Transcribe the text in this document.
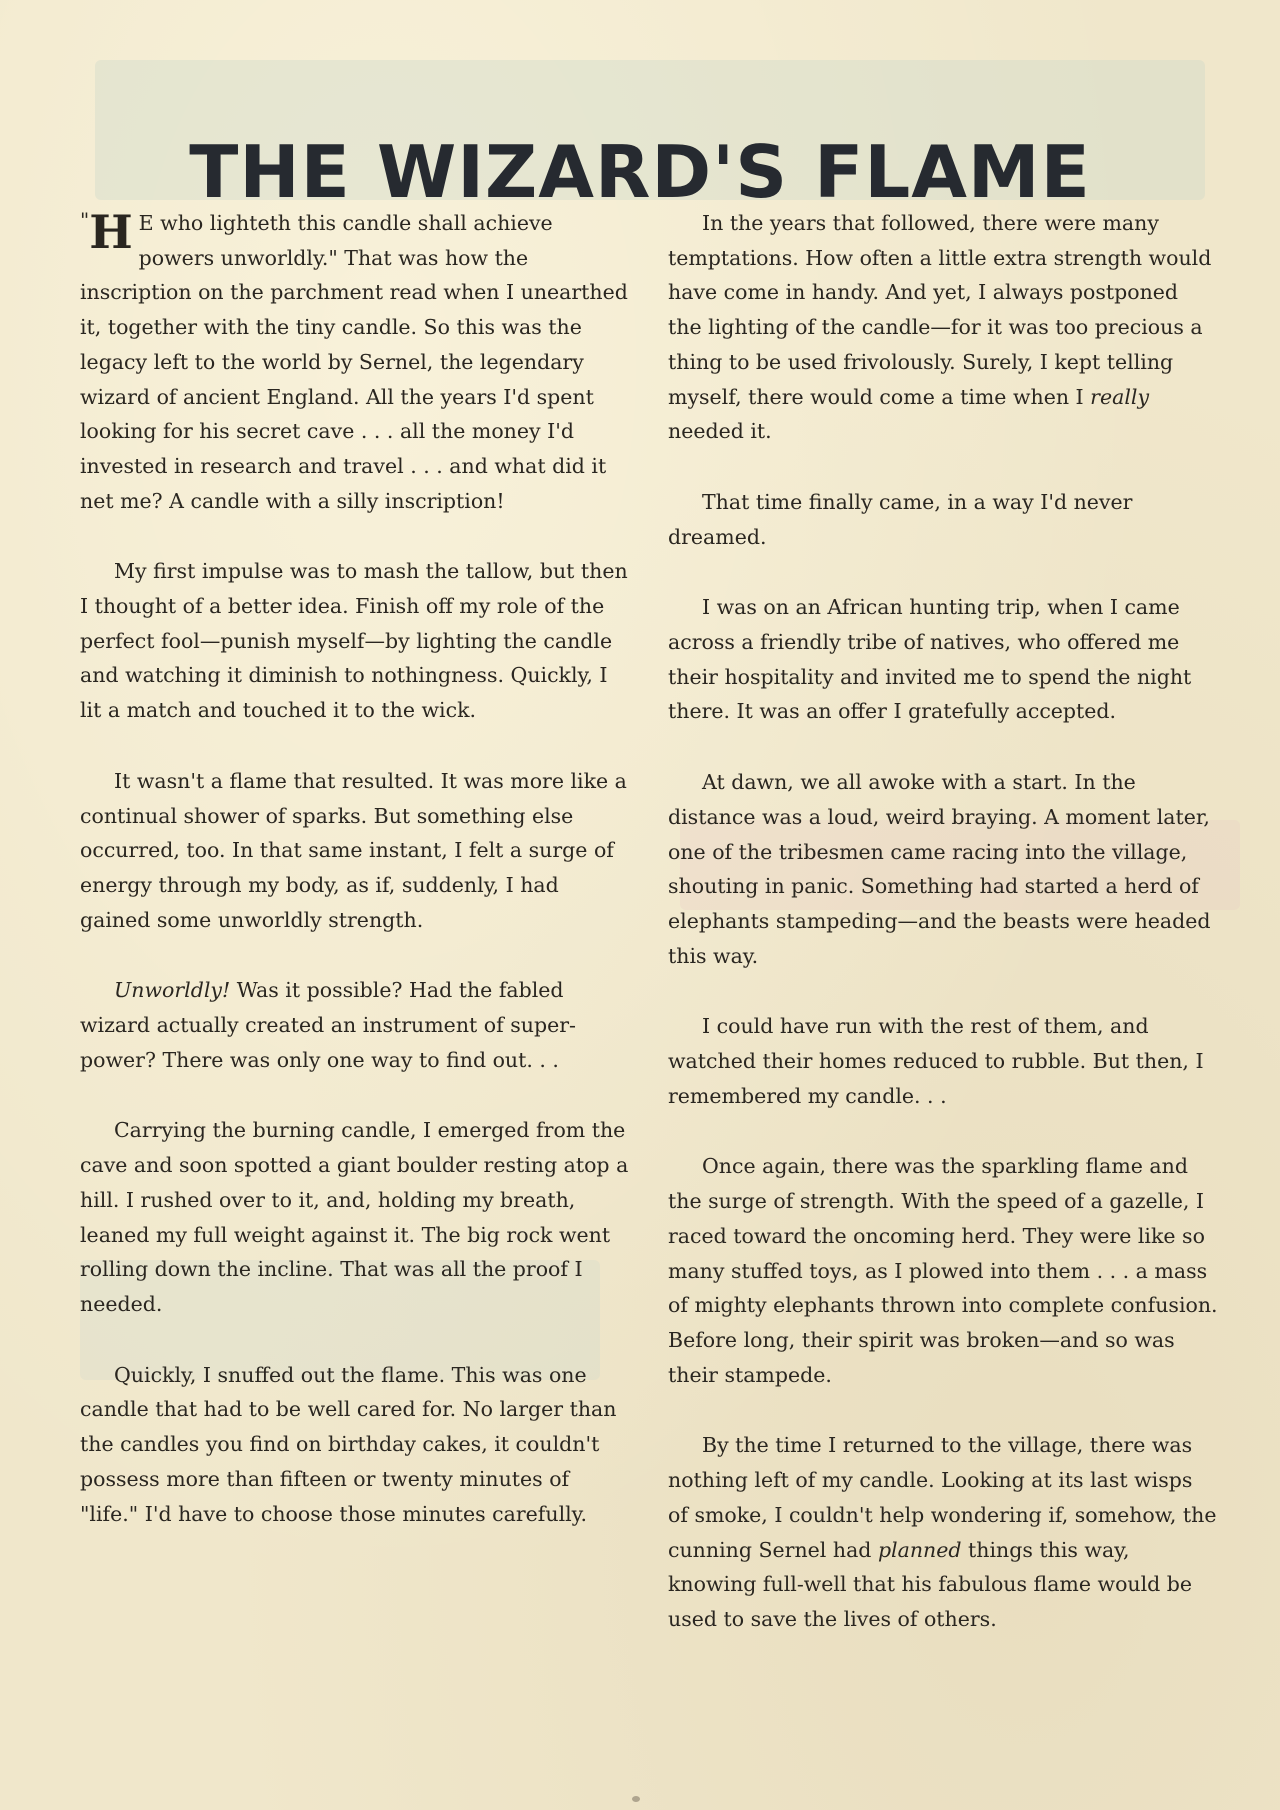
THE WIZARD'S FLAME

" H E who lighteth this candle shall achieve powers unworldly." That was how the inscription on the parchment read when I unearthed it, together with the tiny candle. So this was the legacy left to the world by Sernel, the legendary wizard of ancient England. All the years I'd spent looking for his secret cave . . . all the money I'd invested in research and travel . . . and what did it net me? A candle with a silly inscription!

My first impulse was to mash the tallow, but then I thought of a better idea. Finish off my role of the perfect fool—punish myself—by lighting the candle and watching it diminish to nothingness. Quickly, I lit a match and touched it to the wick.

It wasn't a flame that resulted. It was more like a continual shower of sparks. But something else occurred, too. In that same instant, I felt a surge of energy through my body, as if, suddenly, I had gained some unworldly strength.

Unworldly! Was it possible? Had the fabled wizard actually created an instrument of super-power? There was only one way to find out. . .

Carrying the burning candle, I emerged from the cave and soon spotted a giant boulder resting atop a hill. I rushed over to it, and, holding my breath, leaned my full weight against it. The big rock went rolling down the incline. That was all the proof I needed.

Quickly, I snuffed out the flame. This was one candle that had to be well cared for. No larger than the candles you find on birthday cakes, it couldn't possess more than fifteen or twenty minutes of "life." I'd have to choose those minutes carefully.

In the years that followed, there were many temptations. How often a little extra strength would have come in handy. And yet, I always postponed the lighting of the candle—for it was too precious a thing to be used frivolously. Surely, I kept telling myself, there would come a time when I really needed it.

That time finally came, in a way I'd never dreamed.

I was on an African hunting trip, when I came across a friendly tribe of natives, who offered me their hospitality and invited me to spend the night there. It was an offer I gratefully accepted.

At dawn, we all awoke with a start. In the distance was a loud, weird braying. A moment later, one of the tribesmen came racing into the village, shouting in panic. Something had started a herd of elephants stampeding—and the beasts were headed this way.

I could have run with the rest of them, and watched their homes reduced to rubble. But then, I remembered my candle. . .

Once again, there was the sparkling flame and the surge of strength. With the speed of a gazelle, I raced toward the oncoming herd. They were like so many stuffed toys, as I plowed into them . . . a mass of mighty elephants thrown into complete confusion. Before long, their spirit was broken—and so was their stampede.

By the time I returned to the village, there was nothing left of my candle. Looking at its last wisps of smoke, I couldn't help wondering if, somehow, the cunning Sernel had planned things this way, knowing full-well that his fabulous flame would be used to save the lives of others.
